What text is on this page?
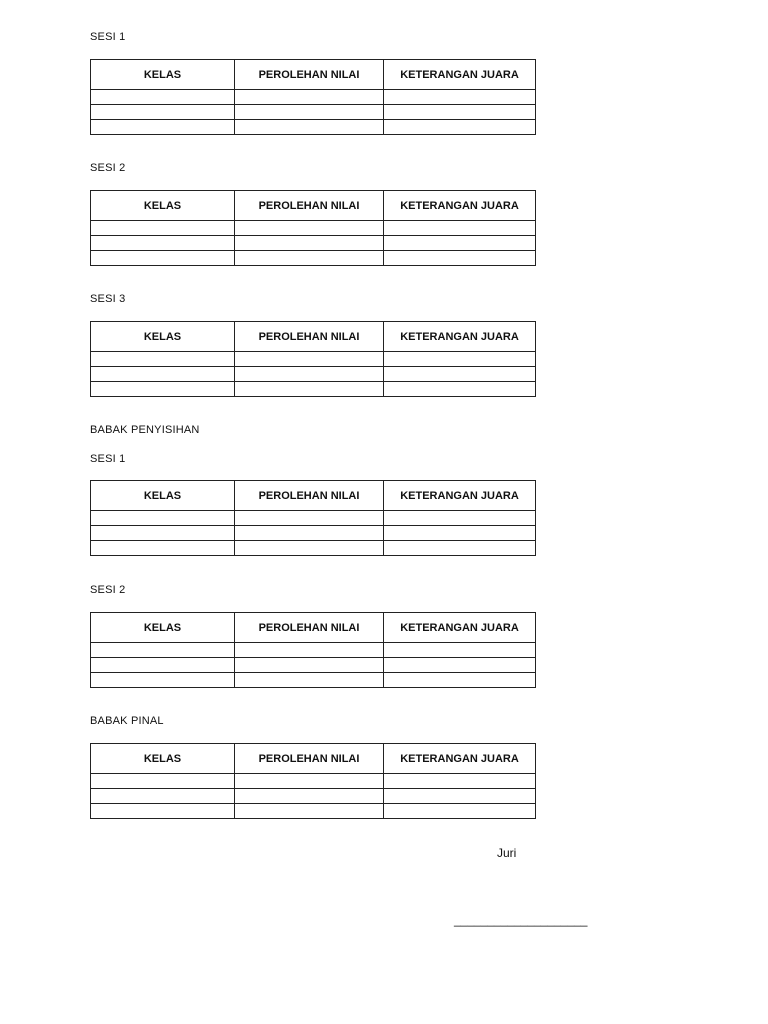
SESI 1
KELAS	PEROLEHAN NILAI	KETERANGAN JUARA

SESI 2
KELAS	PEROLEHAN NILAI	KETERANGAN JUARA

SESI 3
KELAS	PEROLEHAN NILAI	KETERANGAN JUARA

BABAK PENYISIHAN
SESI 1
KELAS	PEROLEHAN NILAI	KETERANGAN JUARA

SESI 2
KELAS	PEROLEHAN NILAI	KETERANGAN JUARA

BABAK PINAL
KELAS	PEROLEHAN NILAI	KETERANGAN JUARA

Juri
____________________
